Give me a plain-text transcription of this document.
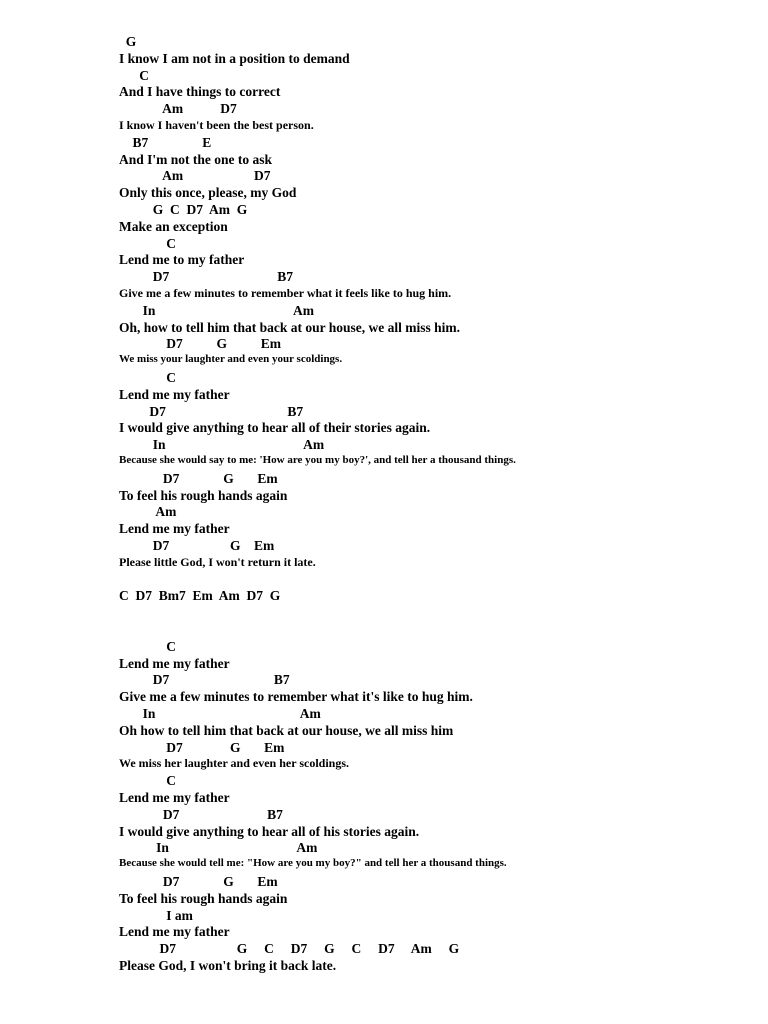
G
I know I am not in a position to demand
C
And I have things to correct
Am           D7
I know I haven't been the best person.
B7                E
And I'm not the one to ask
Am                     D7
Only this once, please, my God
G  C  D7  Am  G
Make an exception
C
Lend me to my father
D7                                B7
Give me a few minutes to remember what it feels like to hug him.
In                                         Am
Oh, how to tell him that back at our house, we all miss him.
D7          G          Em
We miss your laughter and even your scoldings.
C
Lend me my father
D7                                    B7
I would give anything to hear all of their stories again.
In                                         Am
Because she would say to me: 'How are you my boy?', and tell her a thousand things.
D7             G       Em
To feel his rough hands again
Am
Lend me my father
D7                  G    Em
Please little God, I won't return it late.
C  D7  Bm7  Em  Am  D7  G
C
Lend me my father
D7                               B7
Give me a few minutes to remember what it's like to hug him.
In                                           Am
Oh how to tell him that back at our house, we all miss him
D7              G       Em
We miss her laughter and even her scoldings.
C
Lend me my father
D7                          B7
I would give anything to hear all of his stories again.
In                                      Am
Because she would tell me: "How are you my boy?" and tell her a thousand things.
D7             G       Em
To feel his rough hands again
I am
Lend me my father
D7                  G     C     D7     G     C     D7     Am     G
Please God, I won't bring it back late.
